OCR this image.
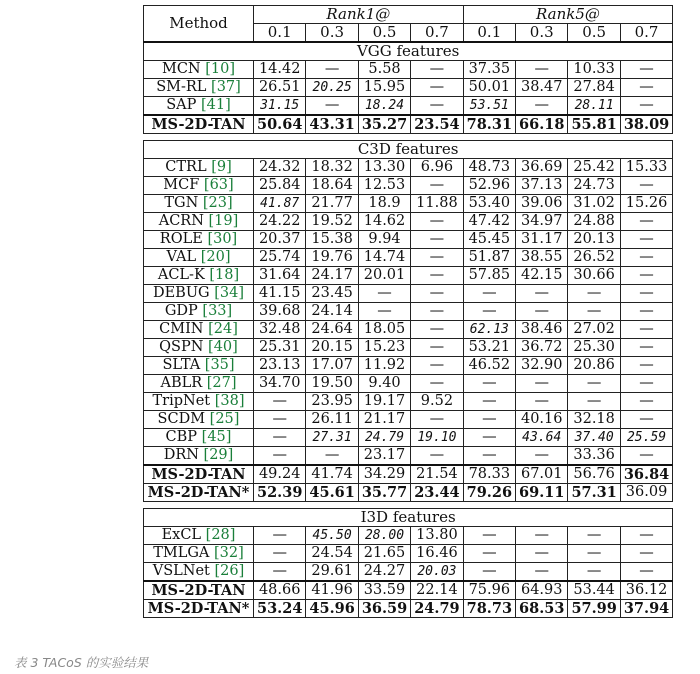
Method	Rank1@				Rank5@			
	0.1	0.3	0.5	0.7	0.1	0.3	0.5	0.7
VGG features								
MCN [10]	14.42	—	5.58	—	37.35	—	10.33	—
SM-RL [37]	26.51	20.25	15.95	—	50.01	38.47	27.84	—
SAP [41]	31.15	—	18.24	—	53.51	—	28.11	—
MS-2D-TAN	50.64	43.31	35.27	23.54	78.31	66.18	55.81	38.09

C3D features								
CTRL [9]	24.32	18.32	13.30	6.96	48.73	36.69	25.42	15.33
MCF [63]	25.84	18.64	12.53	—	52.96	37.13	24.73	—
TGN [23]	41.87	21.77	18.9	11.88	53.40	39.06	31.02	15.26
ACRN [19]	24.22	19.52	14.62	—	47.42	34.97	24.88	—
ROLE [30]	20.37	15.38	9.94	—	45.45	31.17	20.13	—
VAL [20]	25.74	19.76	14.74	—	51.87	38.55	26.52	—
ACL-K [18]	31.64	24.17	20.01	—	57.85	42.15	30.66	—
DEBUG [34]	41.15	23.45	—	—	—	—	—	—
GDP [33]	39.68	24.14	—	—	—	—	—	—
CMIN [24]	32.48	24.64	18.05	—	62.13	38.46	27.02	—
QSPN [40]	25.31	20.15	15.23	—	53.21	36.72	25.30	—
SLTA [35]	23.13	17.07	11.92	—	46.52	32.90	20.86	—
ABLR [27]	34.70	19.50	9.40	—	—	—	—	—
TripNet [38]	—	23.95	19.17	9.52	—	—	—	—
SCDM [25]	—	26.11	21.17	—	—	40.16	32.18	—
CBP [45]	—	27.31	24.79	19.10	—	43.64	37.40	25.59
DRN [29]	—	—	23.17	—	—	—	33.36	—
MS-2D-TAN	49.24	41.74	34.29	21.54	78.33	67.01	56.76	36.84
MS-2D-TAN*	52.39	45.61	35.77	23.44	79.26	69.11	57.31	36.09

I3D features								
ExCL [28]	—	45.50	28.00	13.80	—	—	—	—
TMLGA [32]	—	24.54	21.65	16.46	—	—	—	—
VSLNet [26]	—	29.61	24.27	20.03	—	—	—	—
MS-2D-TAN	48.66	41.96	33.59	22.14	75.96	64.93	53.44	36.12
MS-2D-TAN*	53.24	45.96	36.59	24.79	78.73	68.53	57.99	37.94
表 3 TACoS 的实验结果
